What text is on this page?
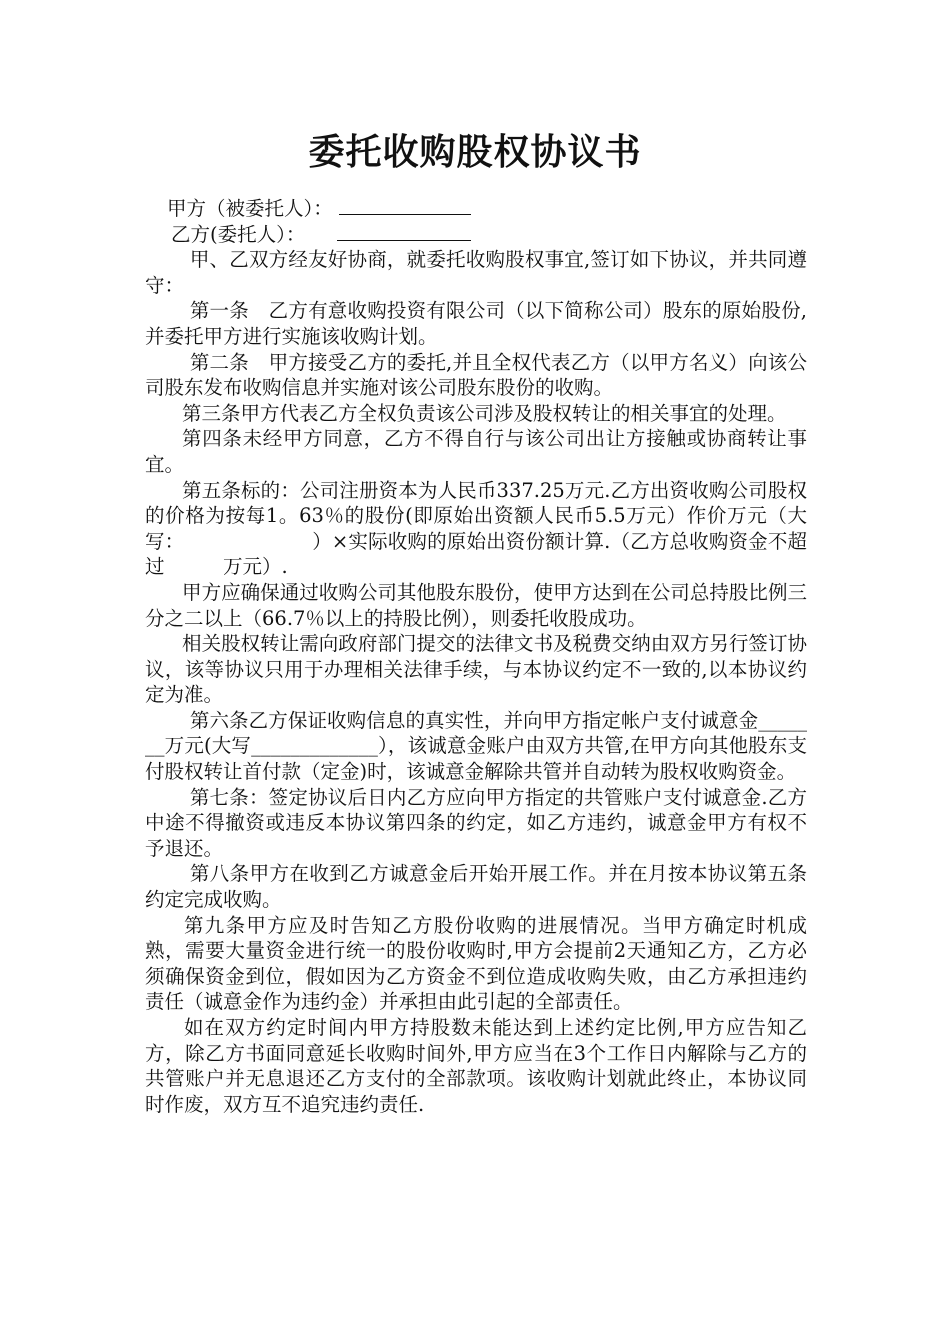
委托收购股权协议书

甲方（被委托人）：

乙方(委托人）：

甲、乙双方经友好协商，就委托收购股权事宜,签订如下协议，并共同遵守：

第一条　乙方有意收购投资有限公司（以下简称公司）股东的原始股份,并委托甲方进行实施该收购计划。

第二条　甲方接受乙方的委托,并且全权代表乙方（以甲方名义）向该公司股东发布收购信息并实施对该公司股东股份的收购。

第三条甲方代表乙方全权负责该公司涉及股权转让的相关事宜的处理。

第四条未经甲方同意，乙方不得自行与该公司出让方接触或协商转让事宜。

第五条标的：公司注册资本为人民币337.25万元.乙方出资收购公司股权的价格为按每1。63％的股份(即原始出资额人民币5.5万元）作价万元（大写：　　　　　　　）×实际收购的原始出资份额计算.（乙方总收购资金不超过　　　万元）.

甲方应确保通过收购公司其他股东股份，使甲方达到在公司总持股比例三分之二以上（66.7％以上的持股比例），则委托收股成功。

相关股权转让需向政府部门提交的法律文书及税费交纳由双方另行签订协议，该等协议只用于办理相关法律手续，与本协议约定不一致的,以本协议约定为准。

第六条乙方保证收购信息的真实性，并向甲方指定帐户支付诚意金_______万元(大写_____________），该诚意金账户由双方共管,在甲方向其他股东支付股权转让首付款（定金)时，该诚意金解除共管并自动转为股权收购资金。

第七条：签定协议后日内乙方应向甲方指定的共管账户支付诚意金.乙方中途不得撤资或违反本协议第四条的约定，如乙方违约，诚意金甲方有权不予退还。

第八条甲方在收到乙方诚意金后开始开展工作。并在月按本协议第五条约定完成收购。

第九条甲方应及时告知乙方股份收购的进展情况。当甲方确定时机成熟，需要大量资金进行统一的股份收购时,甲方会提前2天通知乙方，乙方必须确保资金到位，假如因为乙方资金不到位造成收购失败，由乙方承担违约责任（诚意金作为违约金）并承担由此引起的全部责任。

如在双方约定时间内甲方持股数未能达到上述约定比例,甲方应告知乙方，除乙方书面同意延长收购时间外,甲方应当在3个工作日内解除与乙方的共管账户并无息退还乙方支付的全部款项。该收购计划就此终止，本协议同时作废，双方互不追究违约责任.
